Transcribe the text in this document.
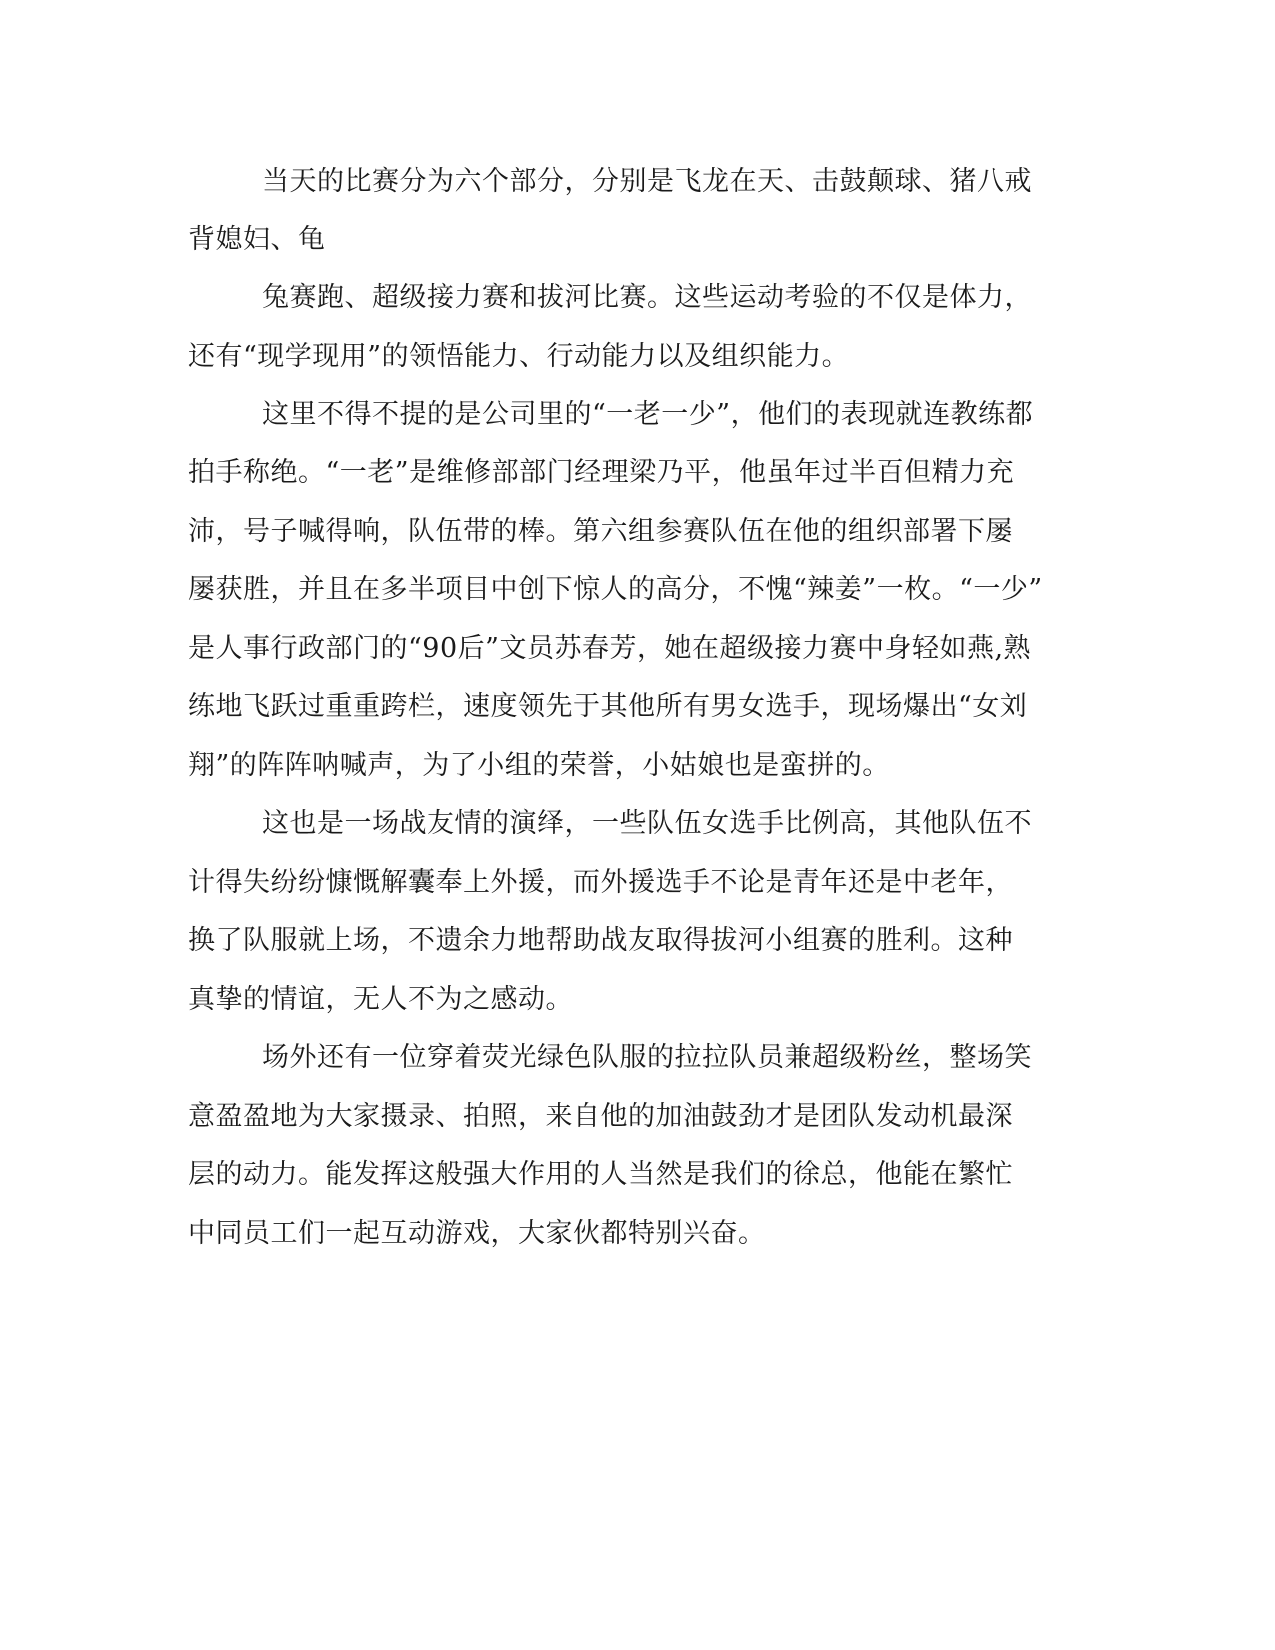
当天的比赛分为六个部分，分别是飞龙在天、击鼓颠球、猪八戒
背媳妇、龟
兔赛跑、超级接力赛和拔河比赛。这些运动考验的不仅是体力，
还有“现学现用”的领悟能力、行动能力以及组织能力。
这里不得不提的是公司里的“一老一少”，他们的表现就连教练都
拍手称绝。“一老”是维修部部门经理梁乃平，他虽年过半百但精力充
沛，号子喊得响，队伍带的棒。第六组参赛队伍在他的组织部署下屡
屡获胜，并且在多半项目中创下惊人的高分，不愧“辣姜”一枚。“一少”
是人事行政部门的“90后”文员苏春芳，她在超级接力赛中身轻如燕,熟
练地飞跃过重重跨栏，速度领先于其他所有男女选手，现场爆出“女刘
翔”的阵阵呐喊声，为了小组的荣誉，小姑娘也是蛮拼的。
这也是一场战友情的演绎，一些队伍女选手比例高，其他队伍不
计得失纷纷慷慨解囊奉上外援，而外援选手不论是青年还是中老年，
换了队服就上场，不遗余力地帮助战友取得拔河小组赛的胜利。这种
真挚的情谊，无人不为之感动。
场外还有一位穿着荧光绿色队服的拉拉队员兼超级粉丝，整场笑
意盈盈地为大家摄录、拍照，来自他的加油鼓劲才是团队发动机最深
层的动力。能发挥这般强大作用的人当然是我们的徐总，他能在繁忙
中同员工们一起互动游戏，大家伙都特别兴奋。
